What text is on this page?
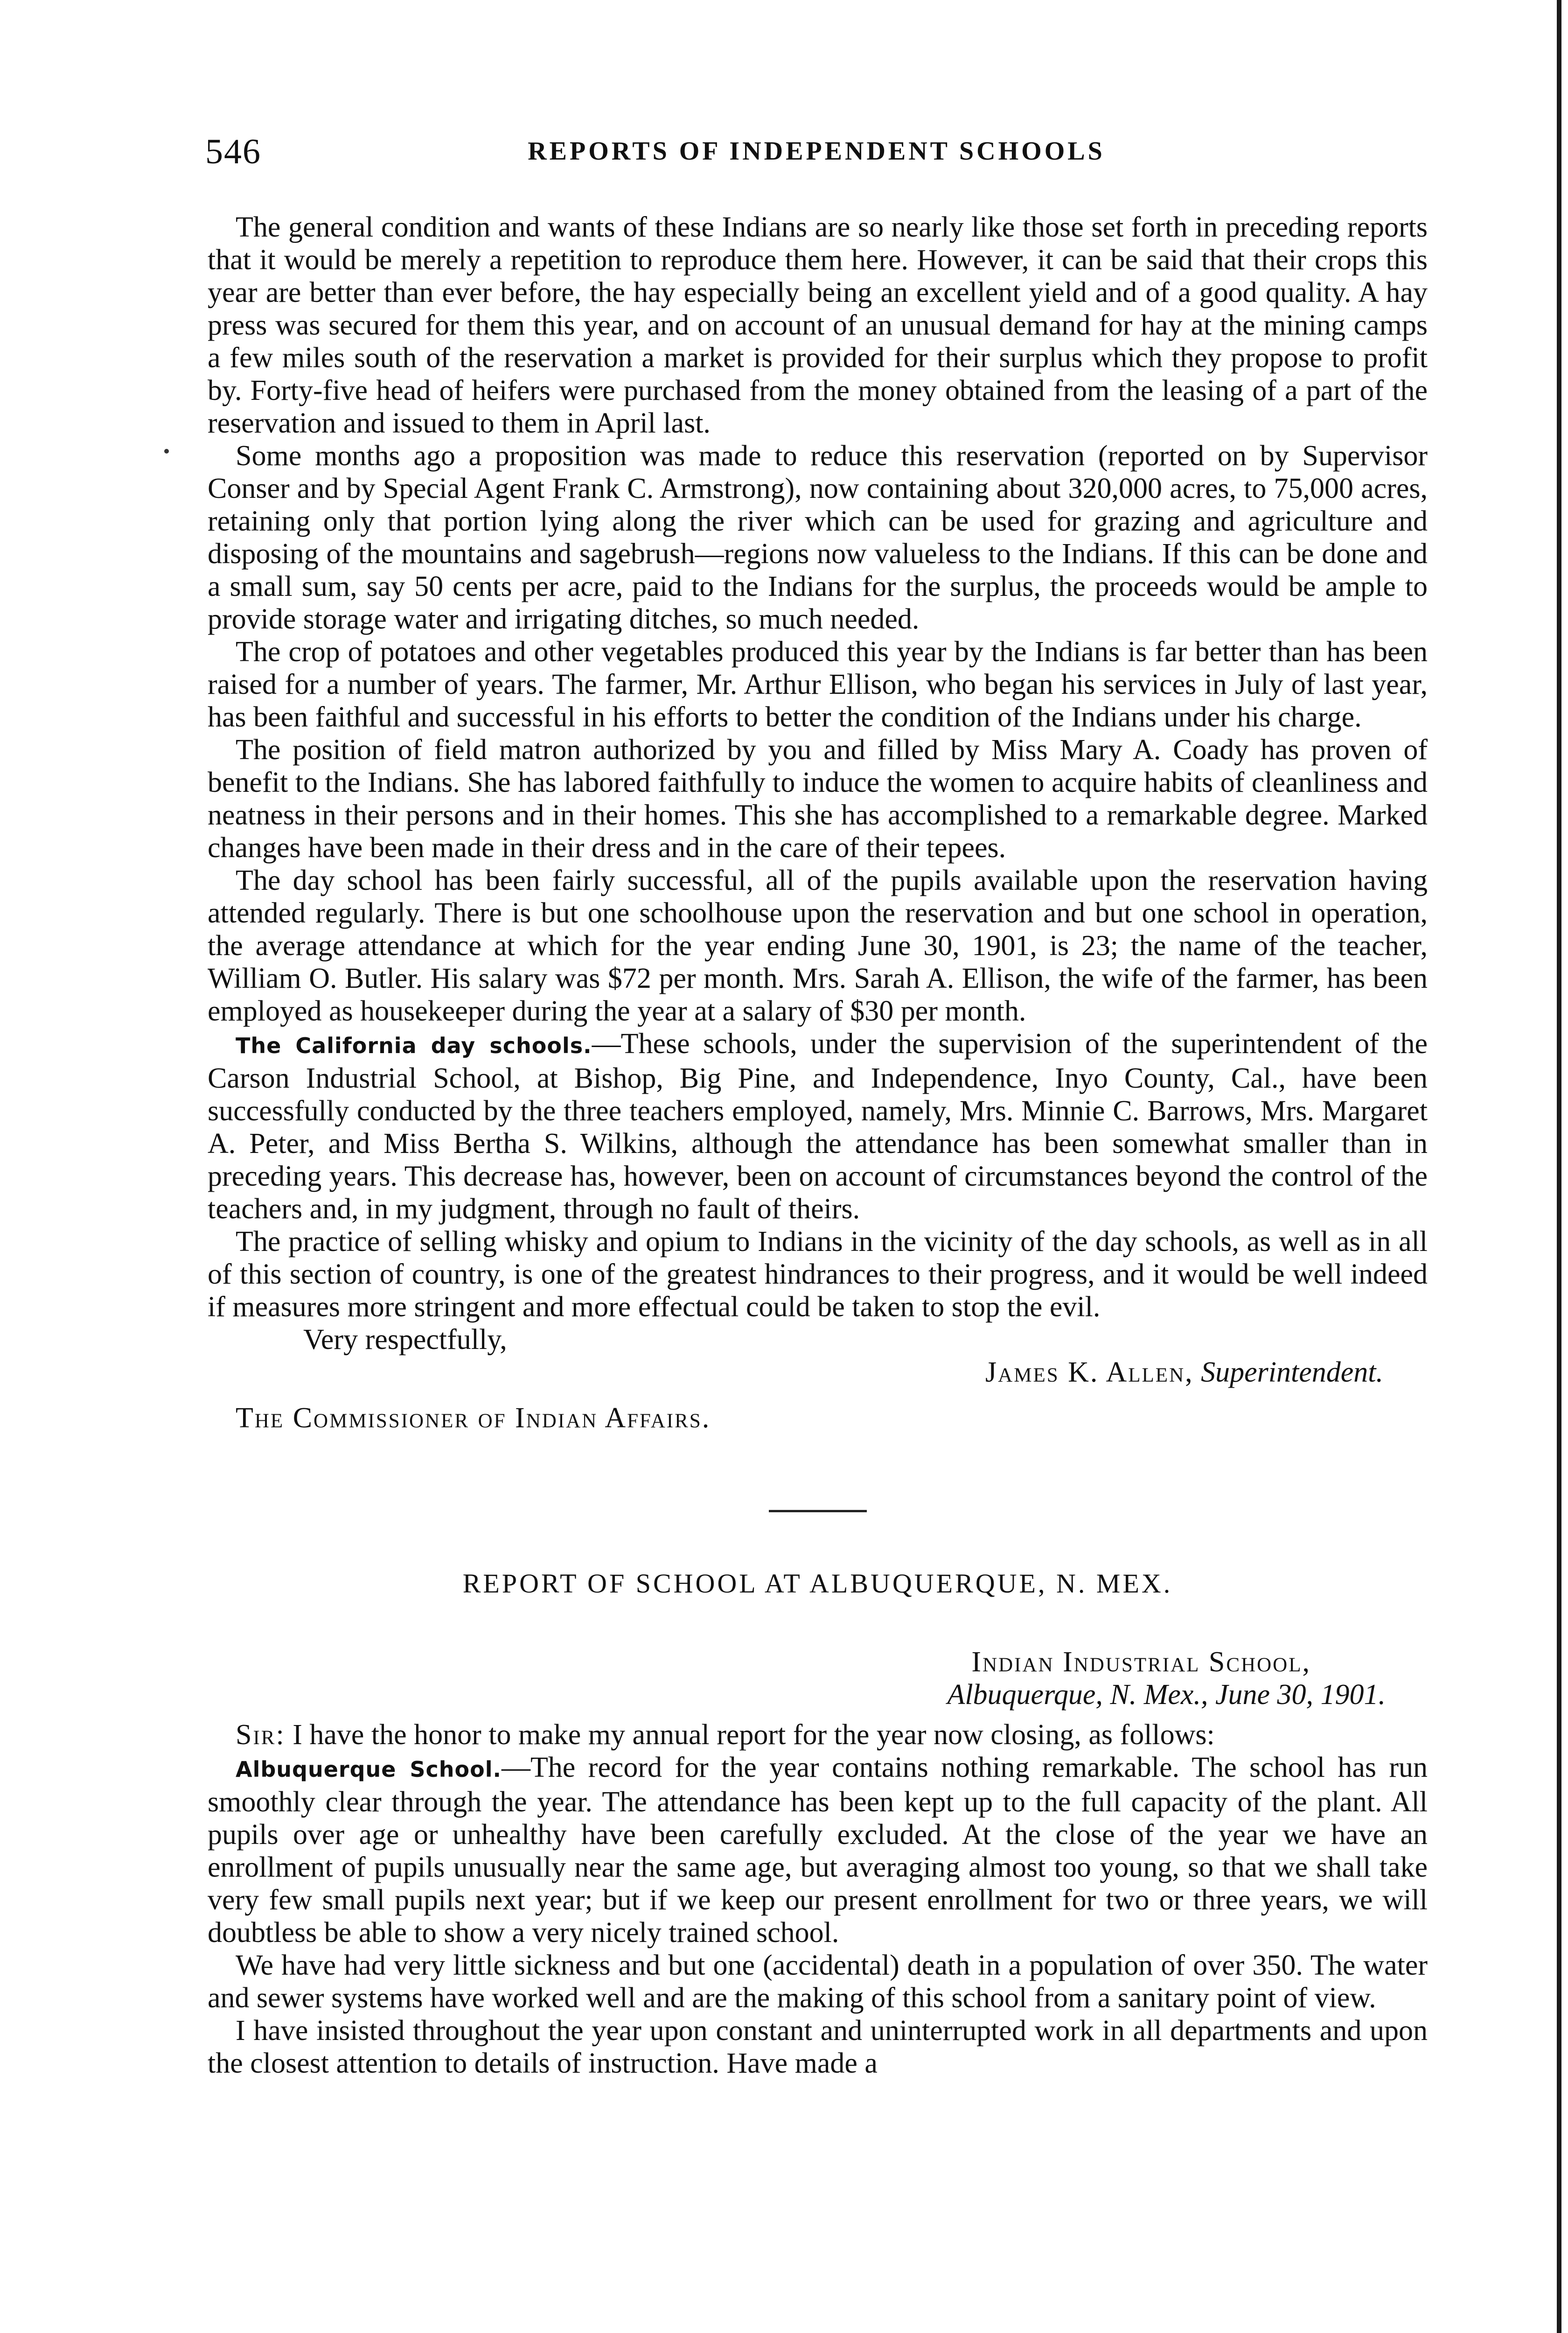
546	REPORTS OF INDEPENDENT SCHOOLS

The general condition and wants of these Indians are so nearly like those set forth in preceding reports that it would be merely a repetition to reproduce them here. However, it can be said that their crops this year are better than ever before, the hay especially being an excellent yield and of a good quality. A hay press was secured for them this year, and on account of an unusual demand for hay at the mining camps a few miles south of the reservation a market is provided for their surplus which they propose to profit by. Forty-five head of heifers were purchased from the money obtained from the leasing of a part of the reservation and issued to them in April last.

Some months ago a proposition was made to reduce this reservation (reported on by Supervisor Conser and by Special Agent Frank C. Armstrong), now containing about 320,000 acres, to 75,000 acres, retaining only that portion lying along the river which can be used for grazing and agriculture and disposing of the mountains and sagebrush—regions now valueless to the Indians. If this can be done and a small sum, say 50 cents per acre, paid to the Indians for the surplus, the proceeds would be ample to provide storage water and irrigating ditches, so much needed.

The crop of potatoes and other vegetables produced this year by the Indians is far better than has been raised for a number of years. The farmer, Mr. Arthur Ellison, who began his services in July of last year, has been faithful and successful in his efforts to better the condition of the Indians under his charge.

The position of field matron authorized by you and filled by Miss Mary A. Coady has proven of benefit to the Indians. She has labored faithfully to induce the women to acquire habits of cleanliness and neatness in their persons and in their homes. This she has accomplished to a remarkable degree. Marked changes have been made in their dress and in the care of their tepees.

The day school has been fairly successful, all of the pupils available upon the reservation having attended regularly. There is but one schoolhouse upon the reservation and but one school in operation, the average attendance at which for the year ending June 30, 1901, is 23; the name of the teacher, William O. Butler. His salary was $72 per month. Mrs. Sarah A. Ellison, the wife of the farmer, has been employed as housekeeper during the year at a salary of $30 per month.

The California day schools.—These schools, under the supervision of the superintendent of the Carson Industrial School, at Bishop, Big Pine, and Independence, Inyo County, Cal., have been successfully conducted by the three teachers employed, namely, Mrs. Minnie C. Barrows, Mrs. Margaret A. Peter, and Miss Bertha S. Wilkins, although the attendance has been somewhat smaller than in preceding years. This decrease has, however, been on account of circumstances beyond the control of the teachers and, in my judgment, through no fault of theirs.

The practice of selling whisky and opium to Indians in the vicinity of the day schools, as well as in all of this section of country, is one of the greatest hindrances to their progress, and it would be well indeed if measures more stringent and more effectual could be taken to stop the evil.

Very respectfully,

James K. Allen, Superintendent.

The Commissioner of Indian Affairs.

REPORT OF SCHOOL AT ALBUQUERQUE, N. MEX.

Indian Industrial School,

Albuquerque, N. Mex., June 30, 1901.

Sir: I have the honor to make my annual report for the year now closing, as follows:

Albuquerque School.—The record for the year contains nothing remarkable. The school has run smoothly clear through the year. The attendance has been kept up to the full capacity of the plant. All pupils over age or unhealthy have been carefully excluded. At the close of the year we have an enrollment of pupils unusually near the same age, but averaging almost too young, so that we shall take very few small pupils next year; but if we keep our present enrollment for two or three years, we will doubtless be able to show a very nicely trained school.

We have had very little sickness and but one (accidental) death in a population of over 350. The water and sewer systems have worked well and are the making of this school from a sanitary point of view.

I have insisted throughout the year upon constant and uninterrupted work in all departments and upon the closest attention to details of instruction. Have made a
